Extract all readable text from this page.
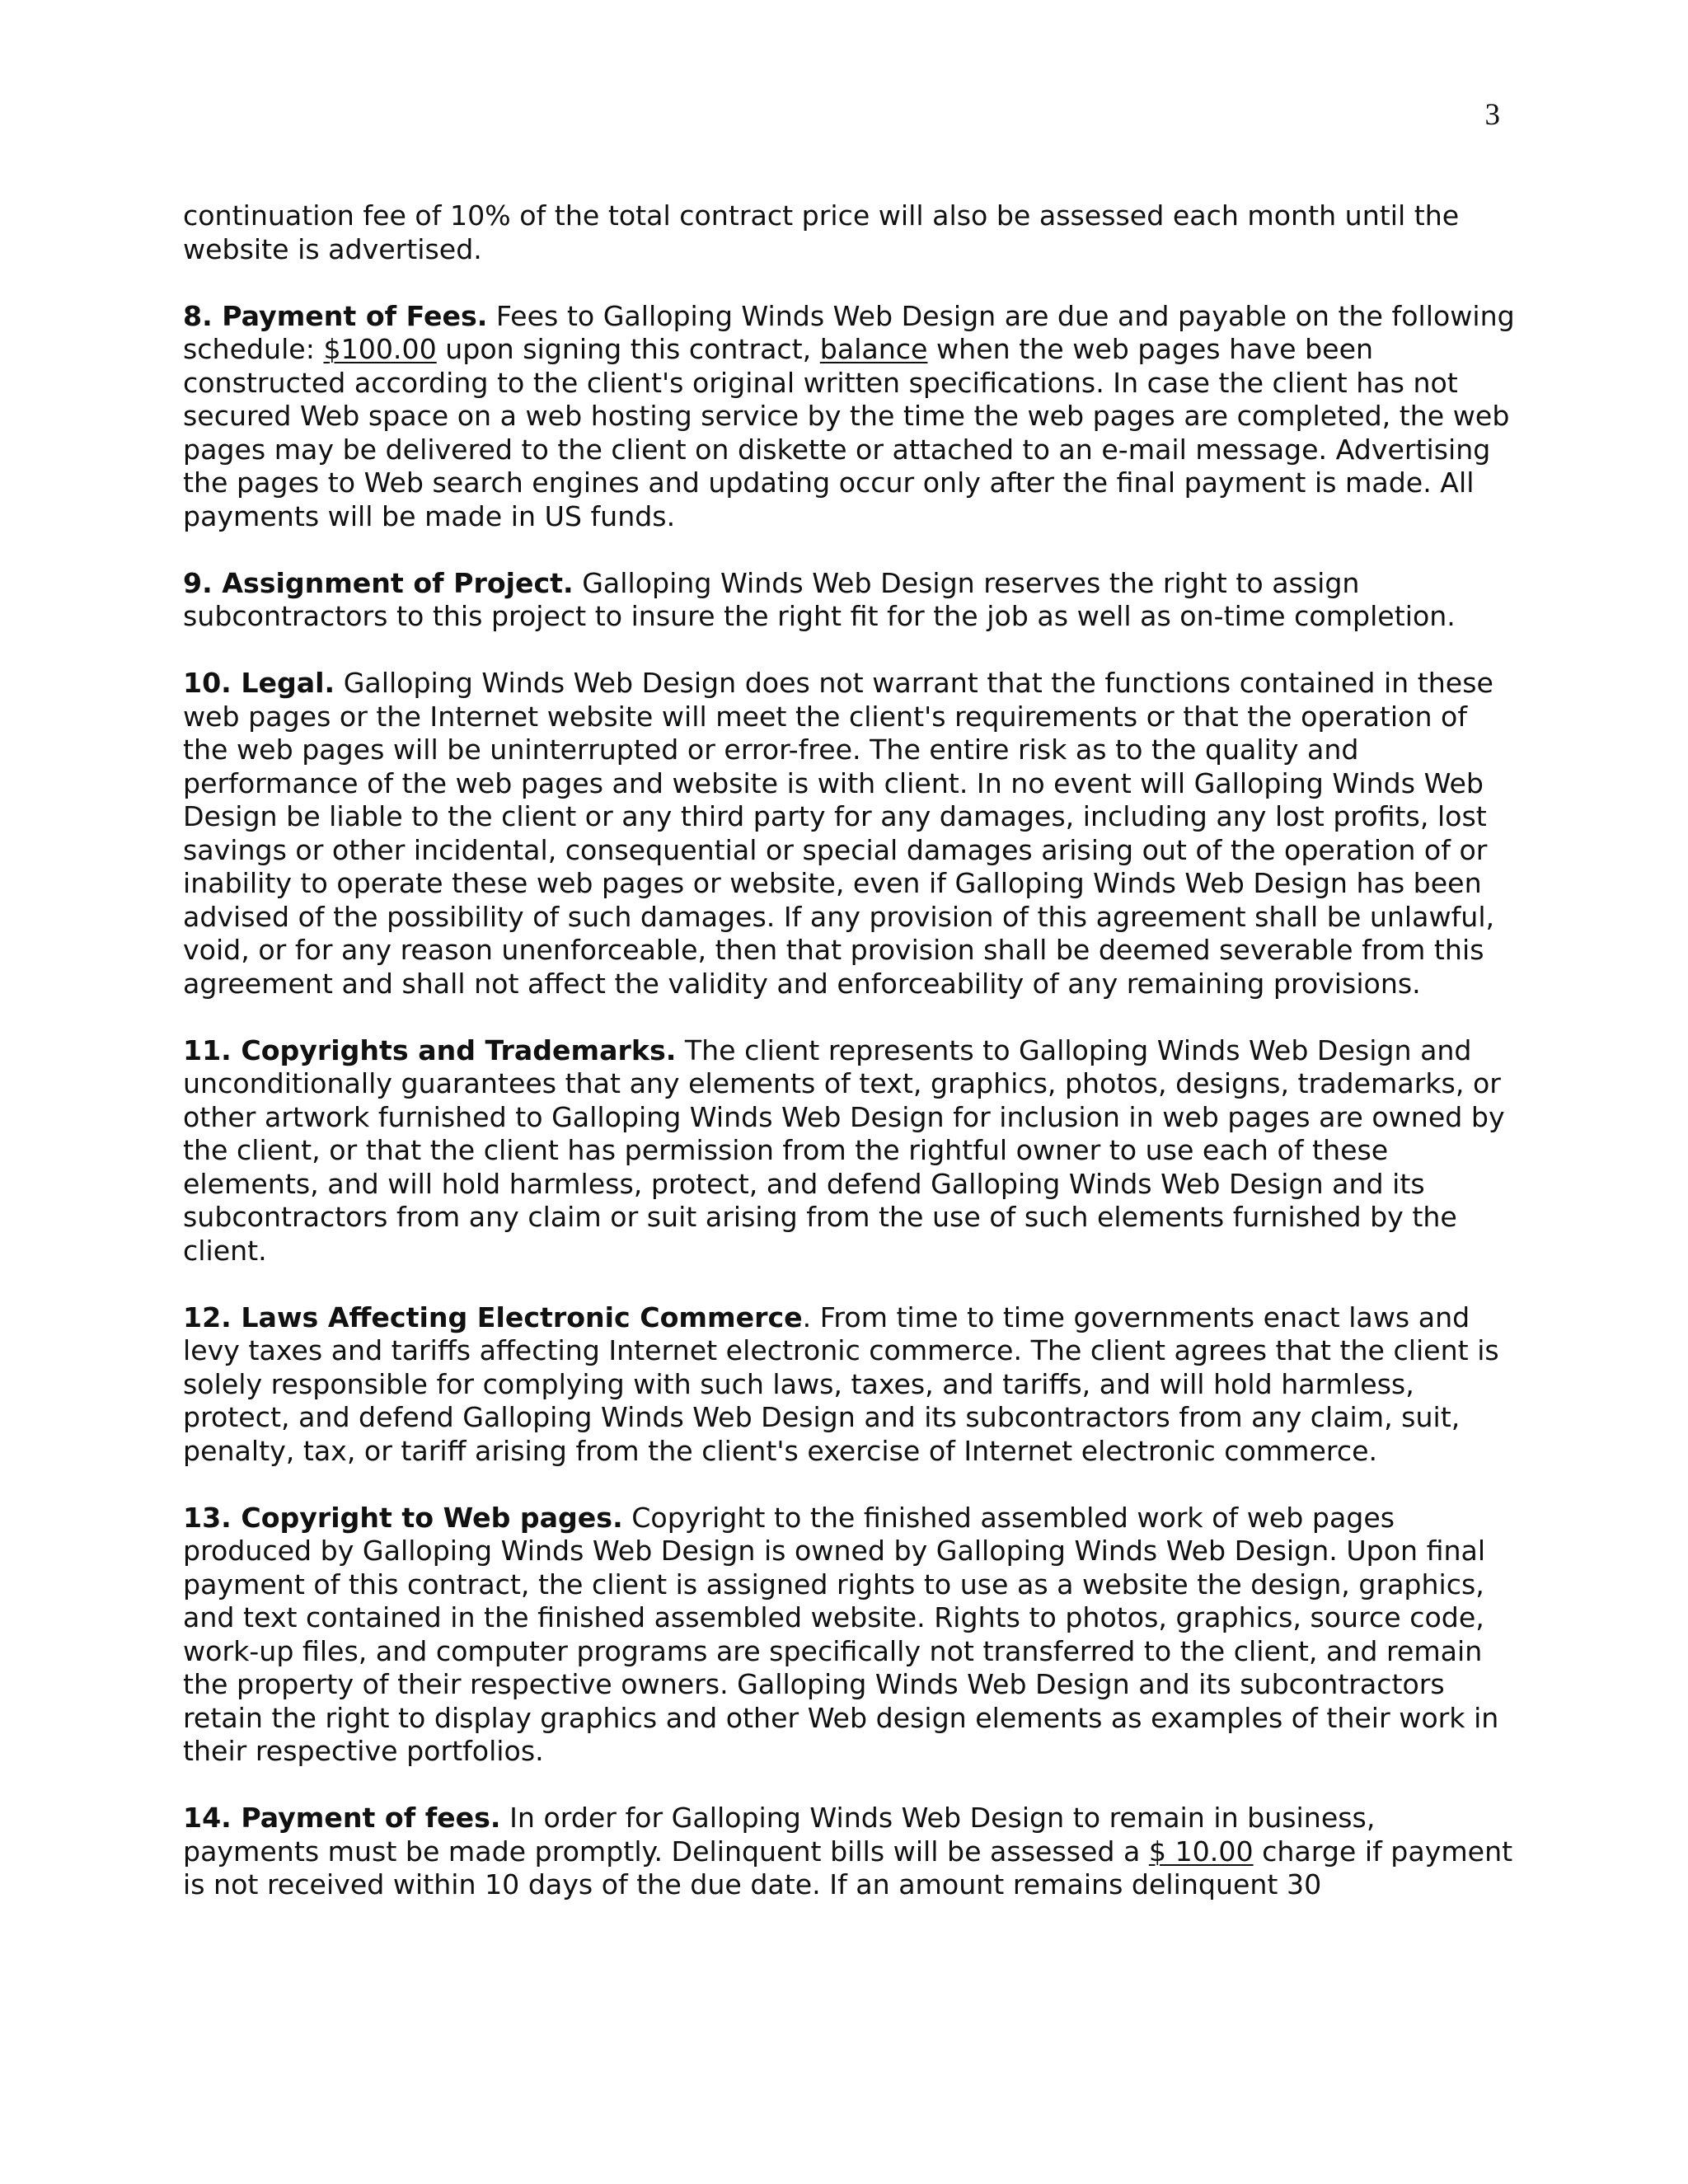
3

continuation fee of 10% of the total contract price will also be assessed each month until the website is advertised.

8. Payment of Fees. Fees to Galloping Winds Web Design are due and payable on the following schedule: $100.00 upon signing this contract, balance when the web pages have been constructed according to the client's original written specifications. In case the client has not secured Web space on a web hosting service by the time the web pages are completed, the web pages may be delivered to the client on diskette or attached to an e-mail message. Advertising the pages to Web search engines and updating occur only after the final payment is made. All payments will be made in US funds.

9. Assignment of Project. Galloping Winds Web Design reserves the right to assign subcontractors to this project to insure the right fit for the job as well as on-time completion.

10. Legal. Galloping Winds Web Design does not warrant that the functions contained in these web pages or the Internet website will meet the client's requirements or that the operation of the web pages will be uninterrupted or error-free. The entire risk as to the quality and performance of the web pages and website is with client. In no event will Galloping Winds Web Design be liable to the client or any third party for any damages, including any lost profits, lost savings or other incidental, consequential or special damages arising out of the operation of or inability to operate these web pages or website, even if Galloping Winds Web Design has been advised of the possibility of such damages. If any provision of this agreement shall be unlawful, void, or for any reason unenforceable, then that provision shall be deemed severable from this agreement and shall not affect the validity and enforceability of any remaining provisions.

11. Copyrights and Trademarks. The client represents to Galloping Winds Web Design and unconditionally guarantees that any elements of text, graphics, photos, designs, trademarks, or other artwork furnished to Galloping Winds Web Design for inclusion in web pages are owned by the client, or that the client has permission from the rightful owner to use each of these elements, and will hold harmless, protect, and defend Galloping Winds Web Design and its subcontractors from any claim or suit arising from the use of such elements furnished by the client.

12. Laws Affecting Electronic Commerce. From time to time governments enact laws and levy taxes and tariffs affecting Internet electronic commerce. The client agrees that the client is solely responsible for complying with such laws, taxes, and tariffs, and will hold harmless, protect, and defend Galloping Winds Web Design and its subcontractors from any claim, suit, penalty, tax, or tariff arising from the client's exercise of Internet electronic commerce.

13. Copyright to Web pages. Copyright to the finished assembled work of web pages produced by Galloping Winds Web Design is owned by Galloping Winds Web Design. Upon final payment of this contract, the client is assigned rights to use as a website the design, graphics, and text contained in the finished assembled website. Rights to photos, graphics, source code, work-up files, and computer programs are specifically not transferred to the client, and remain the property of their respective owners. Galloping Winds Web Design and its subcontractors retain the right to display graphics and other Web design elements as examples of their work in their respective portfolios.

14. Payment of fees. In order for Galloping Winds Web Design to remain in business, payments must be made promptly. Delinquent bills will be assessed a $ 10.00 charge if payment is not received within 10 days of the due date. If an amount remains delinquent 30
